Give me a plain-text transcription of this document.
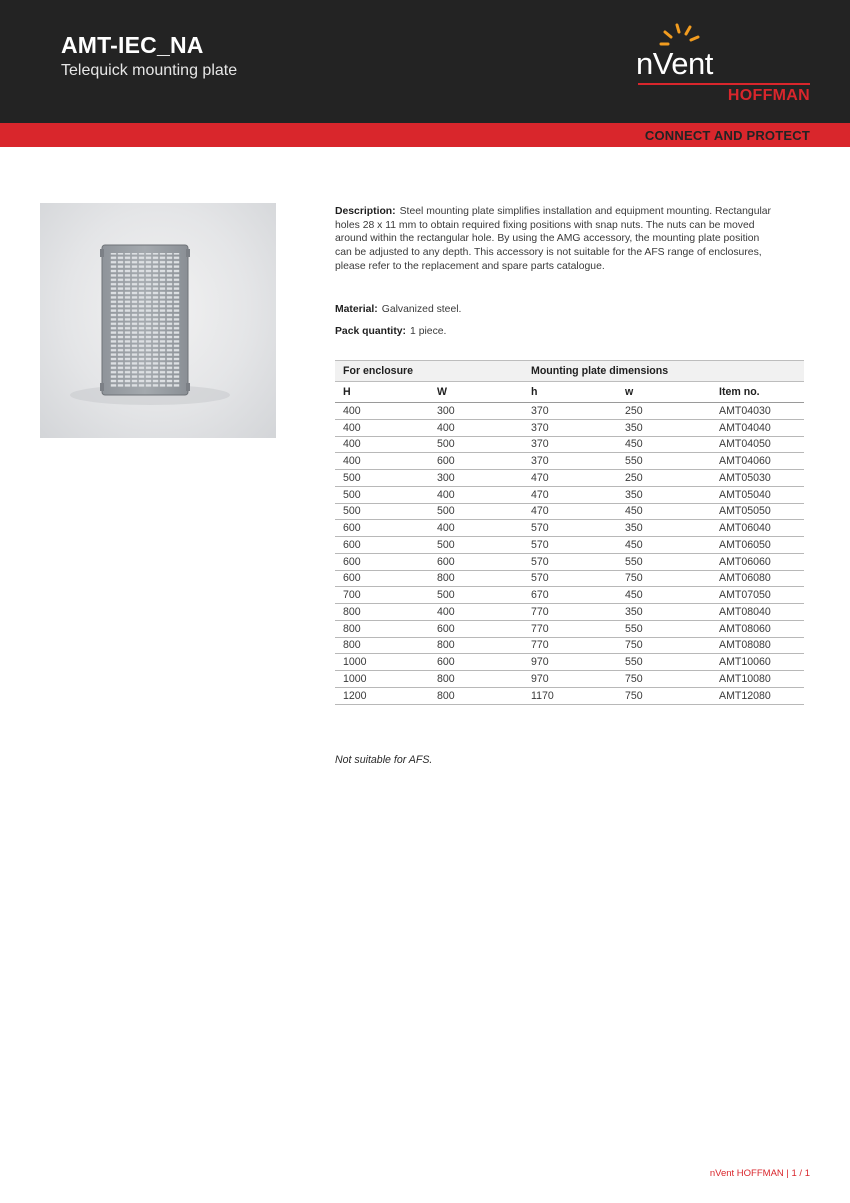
AMT-IEC_NA
Telequick mounting plate	nVent
HOFFMAN
CONNECT AND PROTECT

Description: Steel mounting plate simplifies installation and equipment mounting. Rectangular holes 28 x 11 mm to obtain required fixing positions with snap nuts. The nuts can be moved around within the rectangular hole. By using the AMG accessory, the mounting plate position can be adjusted to any depth. This accessory is not suitable for the AFS range of enclosures, please refer to the replacement and spare parts catalogue.

Material: Galvanized steel.

Pack quantity: 1 piece.

For enclosure		Mounting plate dimensions		
H	W	h	w	Item no.
400	300	370	250	AMT04030
400	400	370	350	AMT04040
400	500	370	450	AMT04050
400	600	370	550	AMT04060
500	300	470	250	AMT05030
500	400	470	350	AMT05040
500	500	470	450	AMT05050
600	400	570	350	AMT06040
600	500	570	450	AMT06050
600	600	570	550	AMT06060
600	800	570	750	AMT06080
700	500	670	450	AMT07050
800	400	770	350	AMT08040
800	600	770	550	AMT08060
800	800	770	750	AMT08080
1000	600	970	550	AMT10060
1000	800	970	750	AMT10080
1200	800	1170	750	AMT12080
Not suitable for AFS.
nVent HOFFMAN | 1 / 1
